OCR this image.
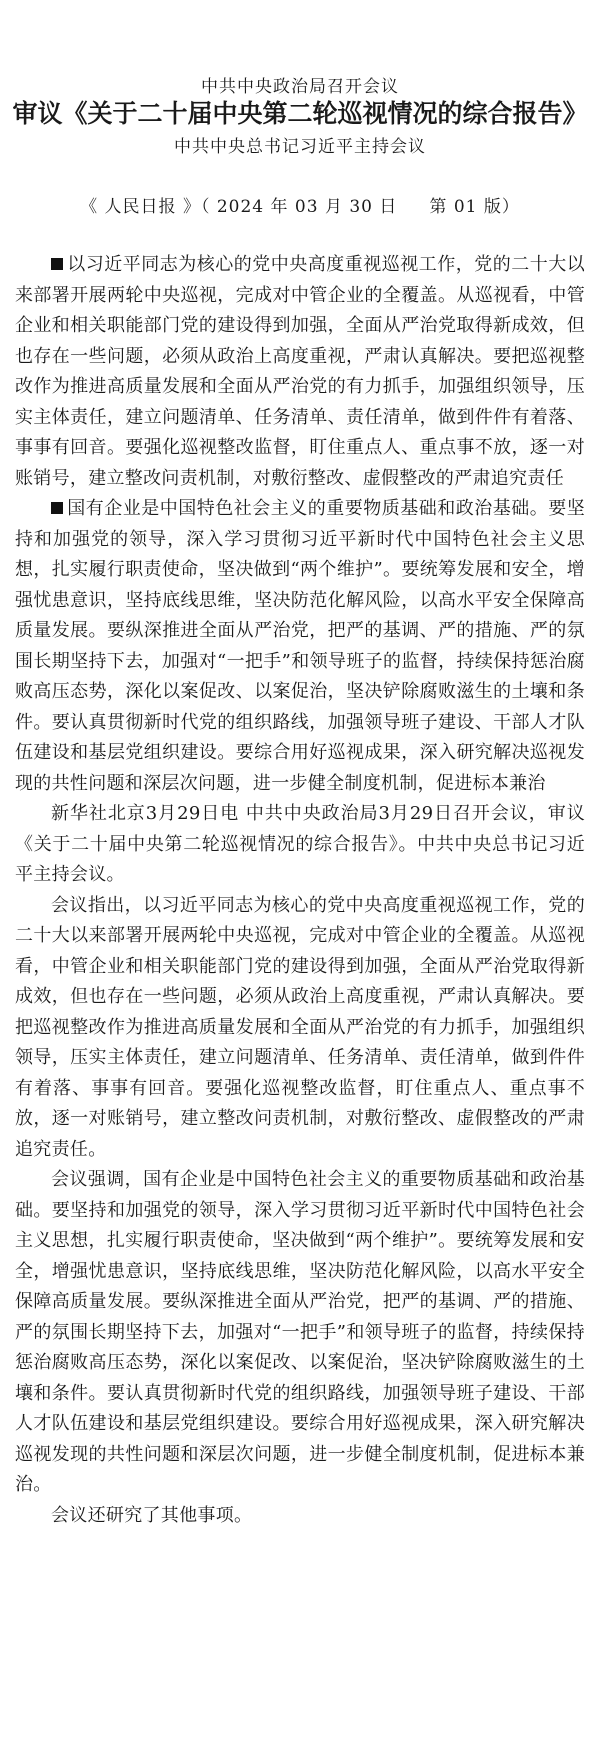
中共中央政治局召开会议
审议《关于二十届中央第二轮巡视情况的综合报告》
中共中央总书记习近平主持会议
《 人民日报 》（ 2024 年 03 月 30 日     第 01 版）

以习近平同志为核心的党中央高度重视巡视工作，党的二十大以来部署开展两轮中央巡视，完成对中管企业的全覆盖。从巡视看，中管企业和相关职能部门党的建设得到加强，全面从严治党取得新成效，但也存在一些问题，必须从政治上高度重视，严肃认真解决。要把巡视整改作为推进高质量发展和全面从严治党的有力抓手，加强组织领导，压实主体责任，建立问题清单、任务清单、责任清单，做到件件有着落、事事有回音。要强化巡视整改监督，盯住重点人、重点事不放，逐一对账销号，建立整改问责机制，对敷衍整改、虚假整改的严肃追究责任

国有企业是中国特色社会主义的重要物质基础和政治基础。要坚持和加强党的领导，深入学习贯彻习近平新时代中国特色社会主义思想，扎实履行职责使命，坚决做到“两个维护”。要统筹发展和安全，增强忧患意识，坚持底线思维，坚决防范化解风险，以高水平安全保障高质量发展。要纵深推进全面从严治党，把严的基调、严的措施、严的氛围长期坚持下去，加强对“一把手”和领导班子的监督，持续保持惩治腐败高压态势，深化以案促改、以案促治，坚决铲除腐败滋生的土壤和条件。要认真贯彻新时代党的组织路线，加强领导班子建设、干部人才队伍建设和基层党组织建设。要综合用好巡视成果，深入研究解决巡视发现的共性问题和深层次问题，进一步健全制度机制，促进标本兼治

新华社北京3月29日电 中共中央政治局3月29日召开会议，审议《关于二十届中央第二轮巡视情况的综合报告》。中共中央总书记习近平主持会议。

会议指出，以习近平同志为核心的党中央高度重视巡视工作，党的二十大以来部署开展两轮中央巡视，完成对中管企业的全覆盖。从巡视看，中管企业和相关职能部门党的建设得到加强，全面从严治党取得新成效，但也存在一些问题，必须从政治上高度重视，严肃认真解决。要把巡视整改作为推进高质量发展和全面从严治党的有力抓手，加强组织领导，压实主体责任，建立问题清单、任务清单、责任清单，做到件件有着落、事事有回音。要强化巡视整改监督，盯住重点人、重点事不放，逐一对账销号，建立整改问责机制，对敷衍整改、虚假整改的严肃追究责任。

会议强调，国有企业是中国特色社会主义的重要物质基础和政治基础。要坚持和加强党的领导，深入学习贯彻习近平新时代中国特色社会主义思想，扎实履行职责使命，坚决做到“两个维护”。要统筹发展和安全，增强忧患意识，坚持底线思维，坚决防范化解风险，以高水平安全保障高质量发展。要纵深推进全面从严治党，把严的基调、严的措施、严的氛围长期坚持下去，加强对“一把手”和领导班子的监督，持续保持惩治腐败高压态势，深化以案促改、以案促治，坚决铲除腐败滋生的土壤和条件。要认真贯彻新时代党的组织路线，加强领导班子建设、干部人才队伍建设和基层党组织建设。要综合用好巡视成果，深入研究解决巡视发现的共性问题和深层次问题，进一步健全制度机制，促进标本兼治。

会议还研究了其他事项。
